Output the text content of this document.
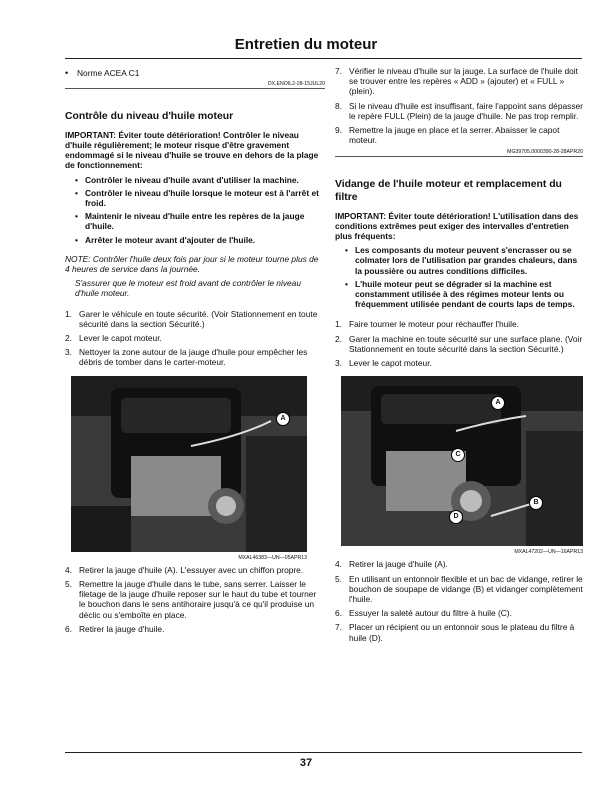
Entretien du moteur
•	Norme ACEA C1
DX,ENOIL2-28-15JUL20
Contrôle du niveau d'huile moteur

IMPORTANT: Éviter toute détérioration! Contrôler le niveau d'huile régulièrement; le moteur risque d'être gravement endommagé si le niveau d'huile se trouve en dehors de la plage de fonctionnement:

• Contrôler le niveau d'huile avant d'utiliser la machine.
• Contrôler le niveau d'huile lorsque le moteur est à l'arrêt et froid.
• Maintenir le niveau d'huile entre les repères de la jauge d'huile.
• Arrêter le moteur avant d'ajouter de l'huile.

NOTE: Contrôler l'huile deux fois par jour si le moteur tourne plus de 4 heures de service dans la journée.

S'assurer que le moteur est froid avant de contrôler le niveau d'huile moteur.

1. Garer le véhicule en toute sécurité. (Voir Stationnement en toute sécurité dans la section Sécurité.)
2. Lever le capot moteur.
3. Nettoyer la zone autour de la jauge d'huile pour empêcher les débris de tomber dans le carter-moteur.
A
MXAL46383—UN—05APR13
4. Retirer la jauge d'huile (A). L'essuyer avec un chiffon propre.
5. Remettre la jauge d'huile dans le tube, sans serrer. Laisser le filetage de la jauge d'huile reposer sur le haut du tube et tourner le bouchon dans le sens antihoraire jusqu'à ce qu'il produise un déclic ou s'emboîte en place.
6. Retirer la jauge d'huile.
7. Vérifier le niveau d'huile sur la jauge. La surface de l'huile doit se trouver entre les repères « ADD » (ajouter) et « FULL » (plein).
8. Si le niveau d'huile est insuffisant, faire l'appoint sans dépasser le repère FULL (Plein) de la jauge d'huile. Ne pas trop remplir.
9. Remettre la jauge en place et la serrer. Abaisser le capot moteur.
MG39705,0000390-28-28APR20
Vidange de l'huile moteur et remplacement du filtre

IMPORTANT: Éviter toute détérioration! L'utilisation dans des conditions extrêmes peut exiger des intervalles d'entretien plus fréquents:

• Les composants du moteur peuvent s'encrasser ou se colmater lors de l'utilisation par grandes chaleurs, dans la poussière ou autres conditions difficiles.
• L'huile moteur peut se dégrader si la machine est constamment utilisée à des régimes moteur lents ou fréquemment utilisée pendant de courts laps de temps.
1. Faire tourner le moteur pour réchauffer l'huile.
2. Garer la machine en toute sécurité sur une surface plane. (Voir Stationnement en toute sécurité dans la section Sécurité.)
3. Lever le capot moteur.
A
C
B
D
MXAL47202—UN—16APR13
4. Retirer la jauge d'huile (A).
5. En utilisant un entonnoir flexible et un bac de vidange, retirer le bouchon de soupape de vidange (B) et vidanger complètement l'huile.
6. Essuyer la saleté autour du filtre à huile (C).
7. Placer un récipient ou un entonnoir sous le plateau du filtre à huile (D).
37
